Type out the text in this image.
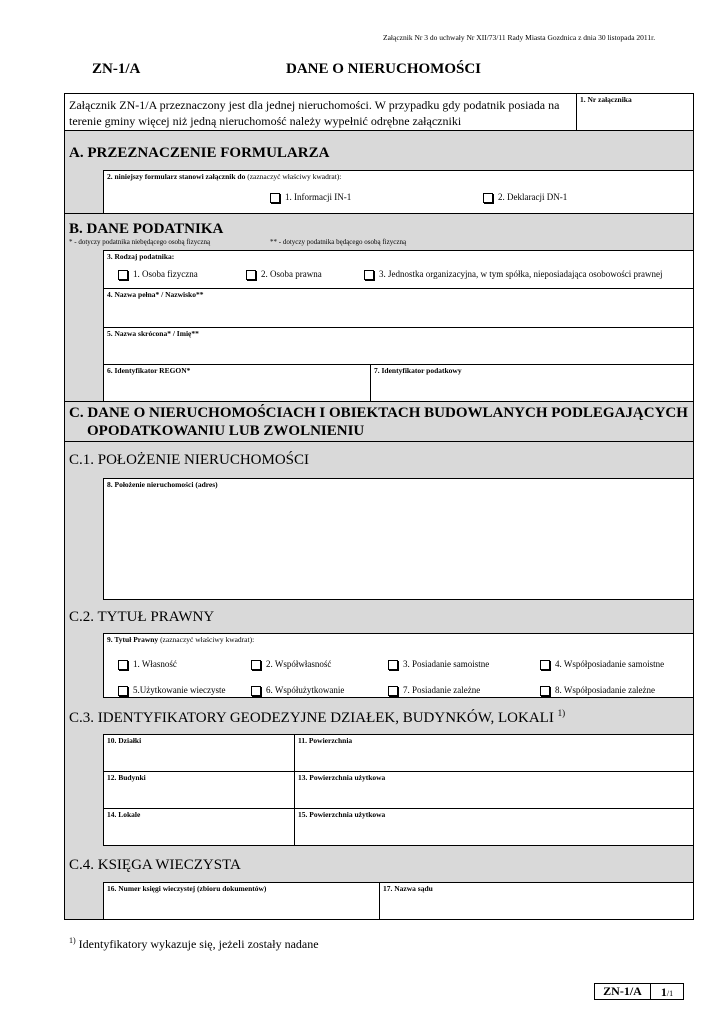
Załącznik Nr 3 do uchwały Nr XII/73/11 Rady Miasta Gozdnica z dnia 30 listopada 2011r.
ZN-1/A	DANE O NIERUCHOMOŚCI
Załącznik ZN-1/A przeznaczony jest dla jednej nieruchomości. W przypadku gdy podatnik posiada na
terenie gminy więcej niż jedną nieruchomość należy wypełnić odrębne załączniki
1. Nr załącznika
A. PRZEZNACZENIE FORMULARZA
2. niniejszy formularz stanowi załącznik do (zaznaczyć właściwy kwadrat):
1. Informacji IN-1	2. Deklaracji DN-1
B. DANE PODATNIKA
* - dotyczy podatnika niebędącego osobą fizyczną	** - dotyczy podatnika będącego osobą fizyczną
3. Rodzaj podatnika:
1. Osoba fizyczna	2. Osoba prawna	3. Jednostka organizacyjna, w tym spółka, nieposiadająca osobowości prawnej
4. Nazwa pełna* / Nazwisko**
5. Nazwa skrócona* / Imię**
6. Identyfikator REGON*	7. Identyfikator podatkowy
C. DANE O NIERUCHOMOŚCIACH I OBIEKTACH BUDOWLANYCH PODLEGAJĄCYCH
OPODATKOWANIU LUB ZWOLNIENIU
C.1. POŁOŻENIE NIERUCHOMOŚCI
8. Położenie nieruchomości (adres)
C.2. TYTUŁ PRAWNY
9. Tytuł Prawny (zaznaczyć właściwy kwadrat):
1. Własność	2. Współwłasność	3. Posiadanie samoistne	4. Współposiadanie samoistne
5.Użytkowanie wieczyste	6. Współużytkowanie	7. Posiadanie zależne	8. Współposiadanie zależne
C.3. IDENTYFIKATORY GEODEZYJNE DZIAŁEK, BUDYNKÓW, LOKALI $^{1)}$
10. Działki	11. Powierzchnia
12. Budynki	13. Powierzchnia użytkowa
14. Lokale	15. Powierzchnia użytkowa
C.4. KSIĘGA WIECZYSTA
16. Numer księgi wieczystej (zbioru dokumentów)	17. Nazwa sądu
$^{1)}$ Identyfikatory wykazuje się, jeżeli zostały nadane
ZN-1/A	1/1
